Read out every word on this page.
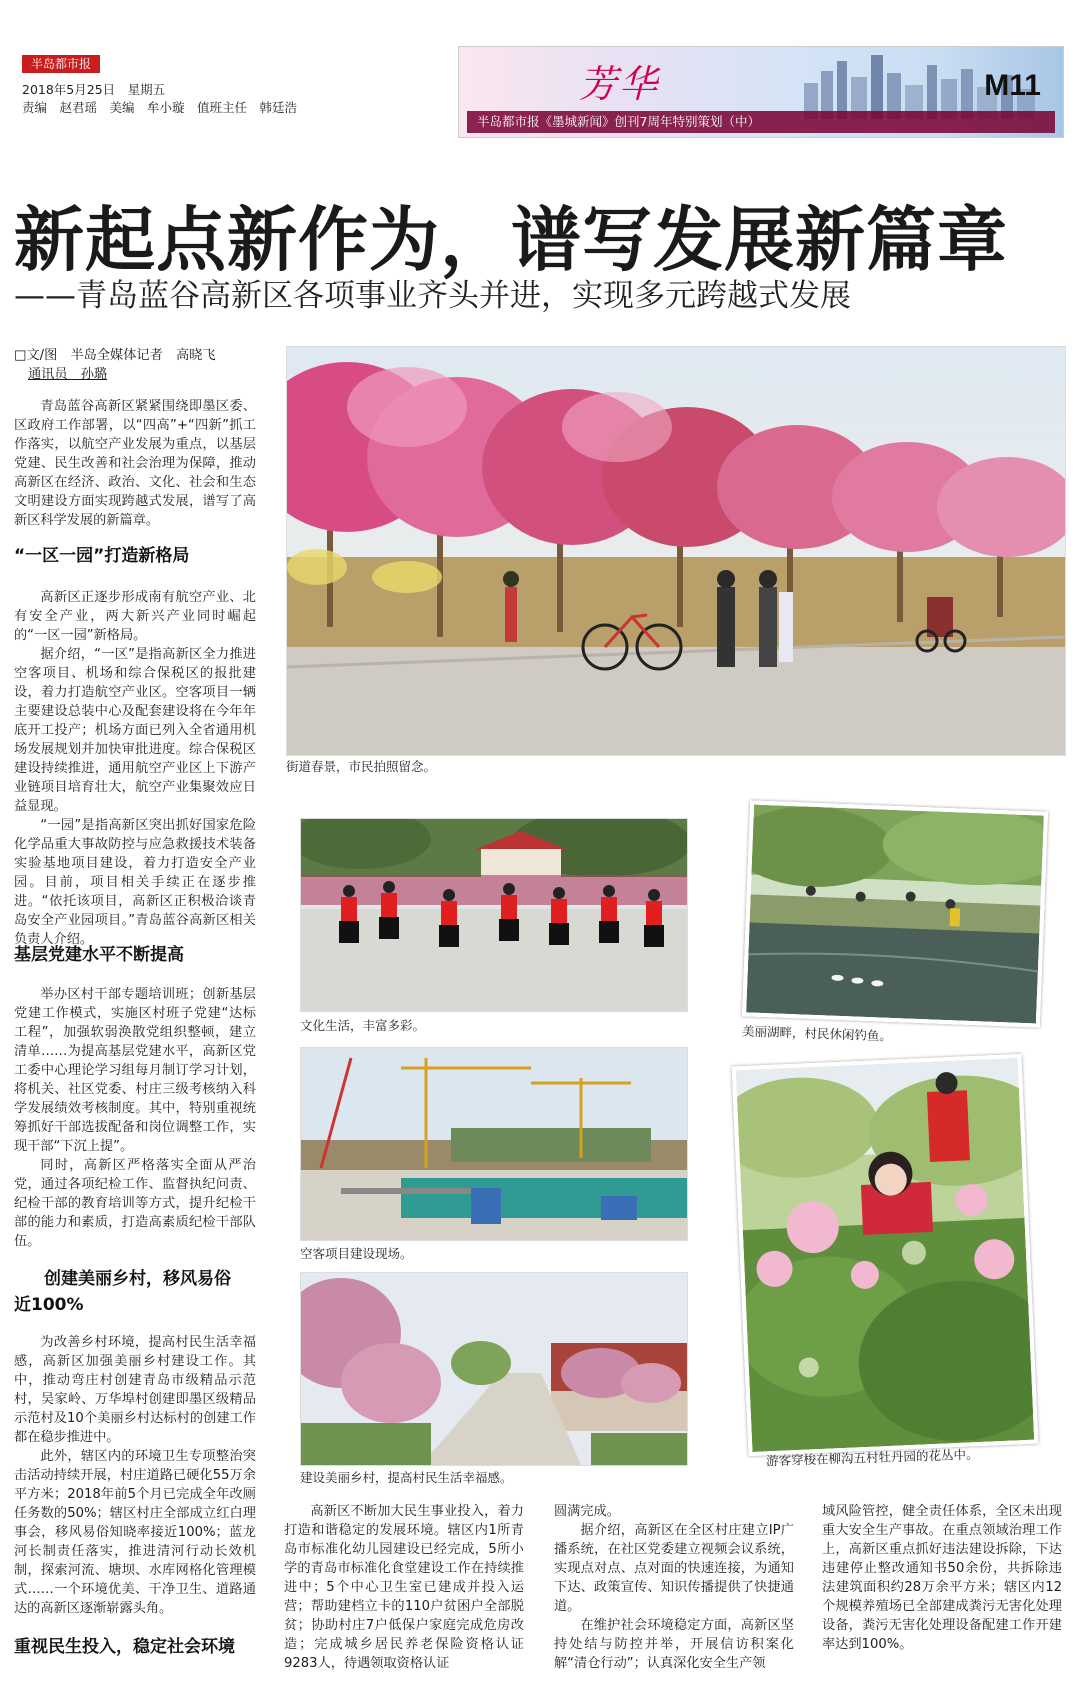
半岛都市报
2018年5月25日　星期五
责编　赵君瑶　美编　牟小璇　值班主任　韩廷浩
芳华	M11
半岛都市报《墨城新闻》创刊7周年特别策划（中）
新起点新作为，谱写发展新篇章
——青岛蓝谷高新区各项事业齐头并进，实现多元跨越式发展
□文/图　半岛全媒体记者　高晓飞
通讯员　孙璐

青岛蓝谷高新区紧紧围绕即墨区委、区政府工作部署，以“四高”+“四新”抓工作落实，以航空产业发展为重点，以基层党建、民生改善和社会治理为保障，推动高新区在经济、政治、文化、社会和生态文明建设方面实现跨越式发展，谱写了高新区科学发展的新篇章。

“一区一园”打造新格局

高新区正逐步形成南有航空产业、北有安全产业，两大新兴产业同时崛起的“一区一园”新格局。

据介绍，“一区”是指高新区全力推进空客项目、机场和综合保税区的报批建设，着力打造航空产业区。空客项目一辆主要建设总装中心及配套建设将在今年年底开工投产；机场方面已列入全省通用机场发展规划并加快审批进度。综合保税区建设持续推进，通用航空产业区上下游产业链项目培育壮大，航空产业集聚效应日益显现。

“一园”是指高新区突出抓好国家危险化学品重大事故防控与应急救援技术装备实验基地项目建设，着力打造安全产业园。目前，项目相关手续正在逐步推进。“依托该项目，高新区正积极洽谈青岛安全产业园项目。”青岛蓝谷高新区相关负责人介绍。

基层党建水平不断提高

举办区村干部专题培训班；创新基层党建工作模式，实施区村班子党建“达标工程”，加强软弱涣散党组织整顿，建立清单……为提高基层党建水平，高新区党工委中心理论学习组每月制订学习计划，将机关、社区党委、村庄三级考核纳入科学发展绩效考核制度。其中，特别重视统筹抓好干部选拔配备和岗位调整工作，实现干部“下沉上提”。

同时，高新区严格落实全面从严治党，通过各项纪检工作、监督执纪问责、纪检干部的教育培训等方式，提升纪检干部的能力和素质，打造高素质纪检干部队伍。

创建美丽乡村，移风易俗
近100%

为改善乡村环境，提高村民生活幸福感，高新区加强美丽乡村建设工作。其中，推动弯庄村创建青岛市级精品示范村，吴家岭、万华埠村创建即墨区级精品示范村及10个美丽乡村达标村的创建工作都在稳步推进中。

此外，辖区内的环境卫生专项整治突击活动持续开展，村庄道路已硬化55万余平方米；2018年前5个月已完成全年改厕任务数的50%；辖区村庄全部成立红白理事会，移风易俗知晓率接近100%；蓝龙河长制责任落实，推进清河行动长效机制，探索河流、塘坝、水库网格化管理模式……一个环境优美、干净卫生、道路通达的高新区逐渐崭露头角。

重视民生投入，稳定社会环境
街道春景，市民拍照留念。
文化生活，丰富多彩。	美丽湖畔，村民休闲钓鱼。
空客项目建设现场。
建设美丽乡村，提高村民生活幸福感。
游客穿梭在柳沟五村牡丹园的花丛中。

高新区不断加大民生事业投入，着力打造和谐稳定的发展环境。辖区内1所青岛市标准化幼儿园建设已经完成，5所小学的青岛市标准化食堂建设工作在持续推进中；5个中心卫生室已建成并投入运营；帮助建档立卡的110户贫困户全部脱贫；协助村庄7户低保户家庭完成危房改造；完成城乡居民养老保险资格认证9283人，待遇领取资格认证

圆满完成。

据介绍，高新区在全区村庄建立IP广播系统，在社区党委建立视频会议系统，实现点对点、点对面的快速连接，为通知下达、政策宣传、知识传播提供了快捷通道。

在维护社会环境稳定方面，高新区坚持处结与防控并举，开展信访积案化解“清仓行动”；认真深化安全生产领

域风险管控，健全责任体系，全区未出现重大安全生产事故。在重点领域治理工作上，高新区重点抓好违法建设拆除，下达违建停止整改通知书50余份，共拆除违法建筑面积约28万余平方米；辖区内12个规模养殖场已全部建成粪污无害化处理设备，粪污无害化处理设备配建工作开建率达到100%。
